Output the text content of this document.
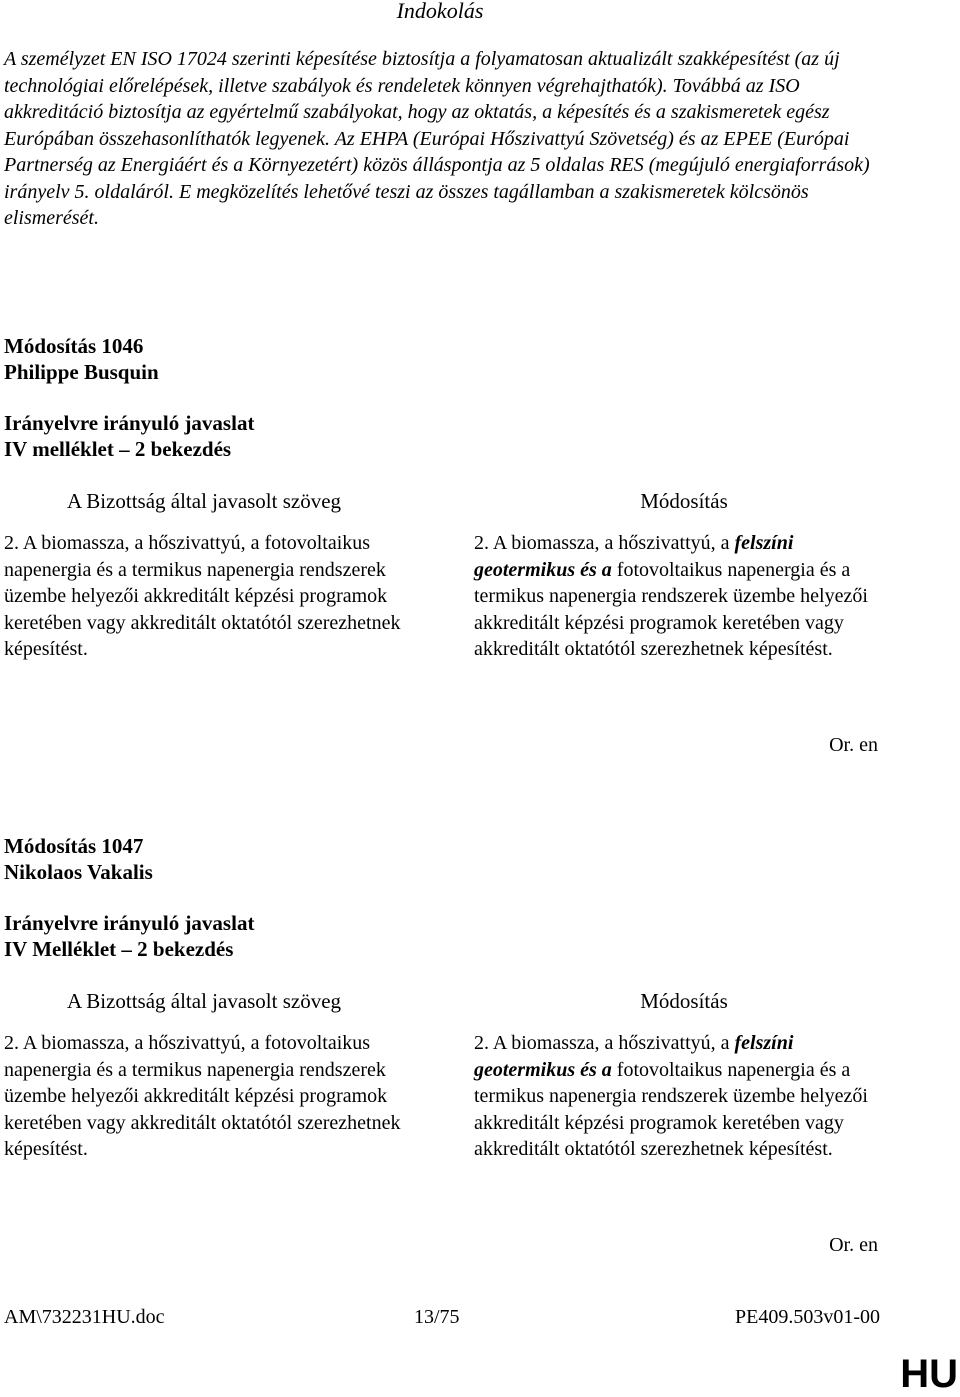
Indokolás
A személyzet EN ISO 17024 szerinti képesítése biztosítja a folyamatosan aktualizált szakképesítést (az új technológiai előrelépések, illetve szabályok és rendeletek könnyen végrehajthatók). Továbbá az ISO akkreditáció biztosítja az egyértelmű szabályokat, hogy az oktatás, a képesítés és a szakismeretek egész Európában összehasonlíthatók legyenek. Az EHPA (Európai Hőszivattyú Szövetség) és az EPEE (Európai Partnerség az Energiáért és a Környezetért) közös álláspontja az 5 oldalas RES (megújuló energiaforrások) irányelv 5. oldaláról. E megközelítés lehetővé teszi az összes tagállamban a szakismeretek kölcsönös elismerését.
Módosítás 1046
Philippe Busquin
Irányelvre irányuló javaslat
IV melléklet – 2 bekezdés
A Bizottság által javasolt szöveg
2. A biomassza, a hőszivattyú, a fotovoltaikus napenergia és a termikus napenergia rendszerek üzembe helyezői akkreditált képzési programok keretében vagy akkreditált oktatótól szerezhetnek képesítést.
Módosítás
2. A biomassza, a hőszivattyú, a felszíni geotermikus és a fotovoltaikus napenergia és a termikus napenergia rendszerek üzembe helyezői akkreditált képzési programok keretében vagy akkreditált oktatótól szerezhetnek képesítést.
Or. en
Módosítás 1047
Nikolaos Vakalis
Irányelvre irányuló javaslat
IV Melléklet – 2 bekezdés
A Bizottság által javasolt szöveg
2. A biomassza, a hőszivattyú, a fotovoltaikus napenergia és a termikus napenergia rendszerek üzembe helyezői akkreditált képzési programok keretében vagy akkreditált oktatótól szerezhetnek képesítést.
Módosítás
2. A biomassza, a hőszivattyú, a felszíni geotermikus és a fotovoltaikus napenergia és a termikus napenergia rendszerek üzembe helyezői akkreditált képzési programok keretében vagy akkreditált oktatótól szerezhetnek képesítést.
Or. en
AM\732231HU.doc	13/75	PE409.503v01-00
HU
